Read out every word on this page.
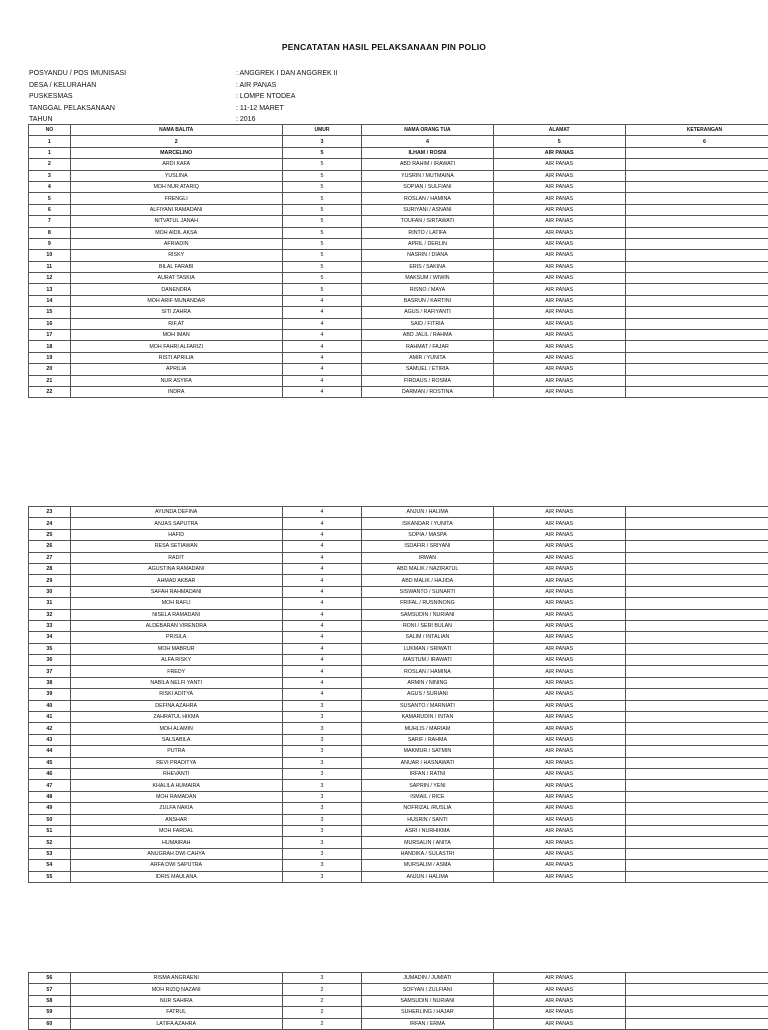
PENCATATAN HASIL PELAKSANAAN PIN POLIO
POSYANDU / POS IMUNISASI	: ANGGREK I DAN ANGGREK II
DESA / KELURAHAN	: AIR PANAS
PUSKESMAS	: LOMPE NTODEA
TANGGAL PELAKSANAAN	: 11-12 MARET
TAHUN	: 2016
NO	NAMA BALITA	UMUR	NAMA ORANG TUA	ALAMAT	KETERANGAN
1	2	3	4	5	6
1	MARCELINO	5	ILHAM / ROSNI	AIR PANAS	
2	ARDI KAFA	5	ABD RAHIM / IRAWATI	AIR PANAS	
3	YUSLINA	5	YUSRIN / MUTMAINA	AIR PANAS	
4	MOH NUR ATARIQ	5	SOPIAN / SULFIANI	AIR PANAS	
5	FRENGLI	5	ROSLAN / HAMINA	AIR PANAS	
6	ALFIYANI RAMADANI	5	SURIYANI / ASNANI	AIR PANAS	
7	NITVATUL JANAH	5	TOUFAN / SIRTAWATI	AIR PANAS	
8	MOH AIDIL AKSA	5	RINTO / LATIFA	AIR PANAS	
9	AFRIADIN	5	APRIL / DERLIN	AIR PANAS	
10	RISKY	5	NASRIN / DIANA	AIR PANAS	
11	BILAL FARABI	5	ERIS / SAKINA	AIR PANAS	
12	AURAT TASKIA	5	MAKSUM / WIWIN	AIR PANAS	
13	DANENDRA	5	RISNO / MAYA	AIR PANAS	
14	MOH ARIF MUNANDAR	4	BASRUN / KARTINI	AIR PANAS	
15	SITI ZAHRA	4	AGUS / RAFIYANTI	AIR PANAS	
16	RIF,AT	4	SAID / FITRIA	AIR PANAS	
17	MOH IMAN	4	ABD JALIL / RAHMA	AIR PANAS	
18	MOH FAHRI ALFARIZI	4	RAHMAT / FAJAR	AIR PANAS	
19	RISTI APRILIA	4	AMIR / YUNITA	AIR PANAS	
20	APRILIA	4	SAMUEL / ETIRIA	AIR PANAS	
21	NUR ASYIFA	4	FIRDAUS / ROSMA	AIR PANAS	
22	INDRA	4	DARMAN / ROSTINA	AIR PANAS	
23	AYUNDA DEFINA	4	ANJUN / HALIMA	AIR PANAS	
24	ANJAS SAPUTRA	4	ISKANDAR / YUNITA	AIR PANAS	
25	HAFID	4	SOPIA / MASPA	AIR PANAS	
26	RESA SETIAWAN	4	ISDAFIR / SRIYANI	AIR PANAS	
27	RADIT	4	IRWAN	AIR PANAS	
28	AGUSTINA RAMADANI	4	ABD MALIK / NAZIRATUL	AIR PANAS	
29	AHMAD AKBAR	4	ABD MALIK / HAJIDA	AIR PANAS	
30	SAFAH RAHMADANI	4	SISWANTO / SUNARTI	AIR PANAS	
31	MOH RAFLI	4	FRIFAL / RUSNINONG	AIR PANAS	
32	NISELA RAMADANI	4	SAMSUDIN / NURIANI	AIR PANAS	
33	ALDEBARAN VIRENDRA	4	RONI / SERI BULAN	AIR PANAS	
34	PRISILA	4	SALIM / INTALIAN	AIR PANAS	
35	MOH MABRUR	4	LUKMAN / SRIWATI	AIR PANAS	
36	ALFA RISKY	4	MASTUM / IRAWATI	AIR PANAS	
37	FREDY	4	ROSLAN / HAMINA	AIR PANAS	
38	NABILA NELFI YANTI	4	ARMIN / NINING	AIR PANAS	
39	RISKI ADITYA	4	AGUS / SURIANI	AIR PANAS	
40	DEFINA AZAHRA	3	SUSANTO / MARNIATI	AIR PANAS	
41	ZAHRATUL HIKMA	3	KAMARUDIN / INTAN	AIR PANAS	
42	MOH ALAMIN	3	MUHLIS / MARIAM	AIR PANAS	
43	SALSABILA	3	SARIF / RAHMA	AIR PANAS	
44	PUTRA	3	MAKMUR / SATMIN	AIR PANAS	
45	REVI PRADITYA	3	ANUAR / HASNAWATI	AIR PANAS	
46	RHEVANTI	3	IRFAN / RATNI	AIR PANAS	
47	KHALILA HUMAIRA	3	SAPRIN / YENI	AIR PANAS	
48	MOH RAMADAN	3	ISMAIL / RICE	AIR PANAS	
49	ZULFA NAKIA	3	NOFRIZAL /RUSLIA	AIR PANAS	
50	ANSHAR	3	HUSRIN / SANTI	AIR PANAS	
51	MOH FARDAL	3	ASRI / NURHIKMA	AIR PANAS	
52	HUMAIRAH	3	MURSALIN / ANITA	AIR PANAS	
53	ANUGRAH DWI CAHYA	3	HANDIKA / SULASTRI	AIR PANAS	
54	ARFA DWI SAPUTRA	3	MURSALIM / ASMA	AIR PANAS	
55	IDRIS MAULANA	3	ANJUN / HALIMA	AIR PANAS	
56	RISMA ANGRAENI	3	JUMADIN / JUMIATI	AIR PANAS	
57	MOH RIZIQ NAZANI	2	SOFYAN / ZULFIANI	AIR PANAS	
58	NUR SAHIRA	2	SAMSUDIN / NURIANI	AIR PANAS	
59	FATRUL	2	SUHERLING / HAJAR	AIR PANAS	
60	LATIFA AZAHRA	2	IRFAN / ERMA	AIR PANAS	
